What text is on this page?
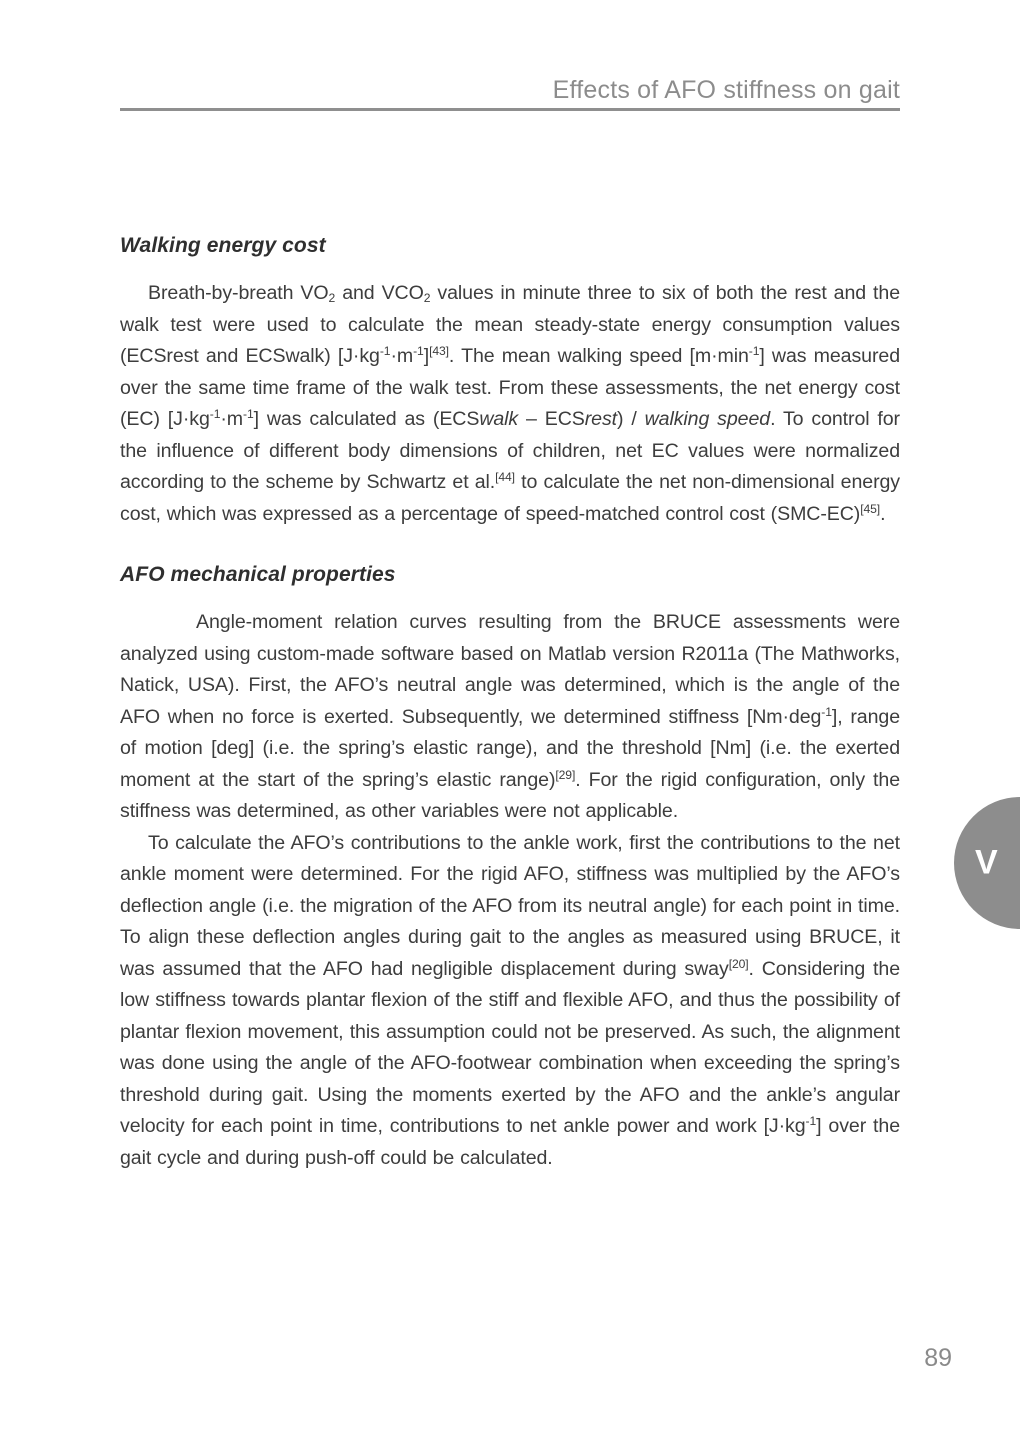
Effects of AFO stiffness on gait
Walking energy cost

Breath-by-breath $VO_2$ and $VCO_2$ values in minute three to six of both the rest and the walk test were used to calculate the mean steady-state energy consumption values (ECSrest and ECSwalk) $[J\cdot kg^{-1}\cdot m^{-1}][43]$. The mean walking speed $[m\cdot\min^{-1}]$ was measured over the same time frame of the walk test. From these assessments, the net energy cost (EC) $[J\cdot kg^{-1}\cdot m^{-1}]$ was calculated as (ECSwalk – ECSrest) / walking speed. To control for the influence of different body dimensions of children, net EC values were normalized according to the scheme by Schwartz et al.[44] to calculate the net non-dimensional energy cost, which was expressed as a percentage of speed-matched control cost (SMC-EC)[45].

AFO mechanical properties

Angle-moment relation curves resulting from the BRUCE assessments were analyzed using custom-made software based on Matlab version R2011a (The Mathworks, Natick, USA). First, the AFO’s neutral angle was determined, which is the angle of the AFO when no force is exerted. Subsequently, we determined stiffness [Nm·deg$^{-1}$], range of motion [deg] (i.e. the spring’s elastic range), and the threshold [Nm] (i.e. the exerted moment at the start of the spring’s elastic range)[29]. For the rigid configuration, only the stiffness was determined, as other variables were not applicable.

To calculate the AFO’s contributions to the ankle work, first the contributions to the net ankle moment were determined. For the rigid AFO, stiffness was multiplied by the AFO’s deflection angle (i.e. the migration of the AFO from its neutral angle) for each point in time. To align these deflection angles during gait to the angles as measured using BRUCE, it was assumed that the AFO had negligible displacement during sway[20]. Considering the low stiffness towards plantar flexion of the stiff and flexible AFO, and thus the possibility of plantar flexion movement, this assumption could not be preserved. As such, the alignment was done using the angle of the AFO-footwear combination when exceeding the spring’s threshold during gait. Using the moments exerted by the AFO and the ankle’s angular velocity for each point in time, contributions to net ankle power and work $[J\cdot kg^{-1}]$ over the gait cycle and during push-off could be calculated.

V
89
